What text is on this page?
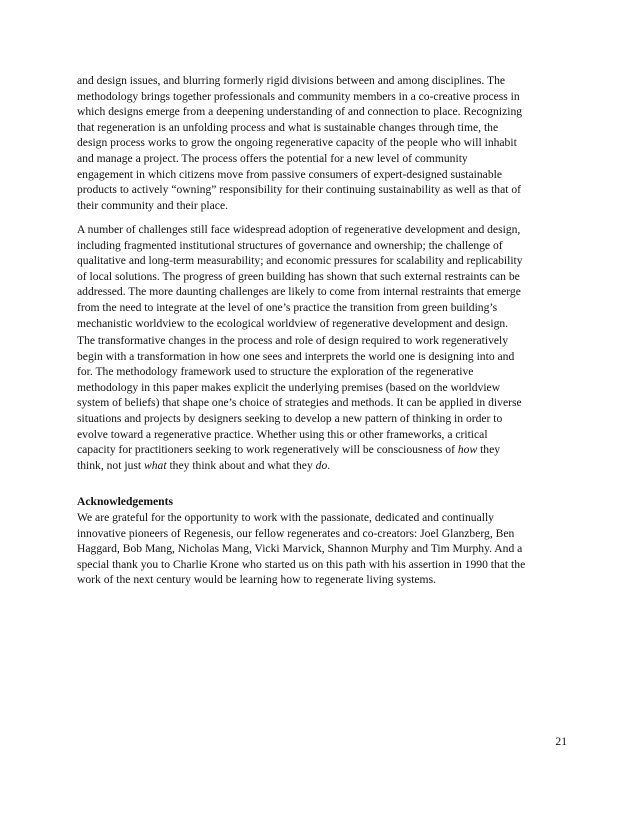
and design issues, and blurring formerly rigid divisions between and among disciplines. The
methodology brings together professionals and community members in a co-creative process in
which designs emerge from a deepening understanding of and connection to place. Recognizing
that regeneration is an unfolding process and what is sustainable changes through time, the
design process works to grow the ongoing regenerative capacity of the people who will inhabit
and manage a project. The process offers the potential for a new level of community
engagement in which citizens move from passive consumers of expert-designed sustainable
products to actively “owning” responsibility for their continuing sustainability as well as that of
their community and their place.
A number of challenges still face widespread adoption of regenerative development and design,
including fragmented institutional structures of governance and ownership; the challenge of
qualitative and long-term measurability; and economic pressures for scalability and replicability
of local solutions. The progress of green building has shown that such external restraints can be
addressed. The more daunting challenges are likely to come from internal restraints that emerge
from the need to integrate at the level of one’s practice the transition from green building’s
mechanistic worldview to the ecological worldview of regenerative development and design.
The transformative changes in the process and role of design required to work regeneratively
begin with a transformation in how one sees and interprets the world one is designing into and
for. The methodology framework used to structure the exploration of the regenerative
methodology in this paper makes explicit the underlying premises (based on the worldview
system of beliefs) that shape one’s choice of strategies and methods. It can be applied in diverse
situations and projects by designers seeking to develop a new pattern of thinking in order to
evolve toward a regenerative practice. Whether using this or other frameworks, a critical
capacity for practitioners seeking to work regeneratively will be consciousness of how they
think, not just what they think about and what they do.
Acknowledgements
We are grateful for the opportunity to work with the passionate, dedicated and continually
innovative pioneers of Regenesis, our fellow regenerates and co-creators: Joel Glanzberg, Ben
Haggard, Bob Mang, Nicholas Mang, Vicki Marvick, Shannon Murphy and Tim Murphy. And a
special thank you to Charlie Krone who started us on this path with his assertion in 1990 that the
work of the next century would be learning how to regenerate living systems.
21
